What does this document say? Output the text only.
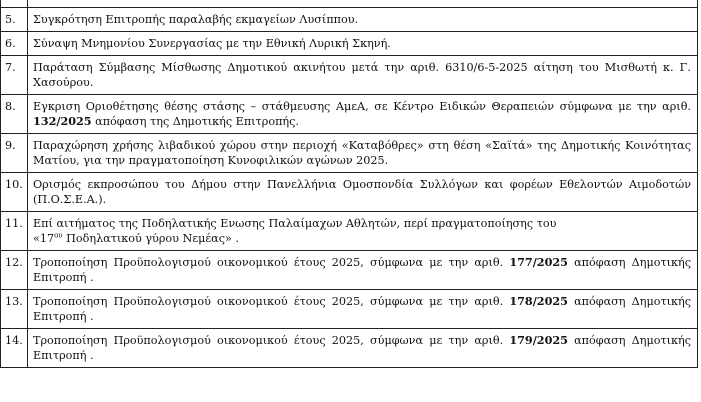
5.	Συγκρότηση Επιτροπής παραλαβής εκμαγείων Λυσίππου.
6.	Σύναψη Μνημονίου Συνεργασίας με την Εθνική Λυρική Σκηνή.
7.	Παράταση Σύμβασης Μίσθωσης Δημοτικού ακινήτου μετά την αριθ. 6310/6-5-2025 αίτηση του Μισθωτή κ. Γ. Χασούρου.
8.	Εγκριση Οριοθέτησης θέσης στάσης – στάθμευσης ΑμεΑ, σε Κέντρο Ειδικών Θεραπειών σύμφωνα με την αριθ. 132/2025 απόφαση της Δημοτικής Επιτροπής.
9.	Παραχώρηση χρήσης λιβαδικού χώρου στην περιοχή «Καταβόθρες» στη θέση «Σαϊτά» της Δημοτικής Κοινότητας Ματίου, για την πραγματοποίηση Κυνοφιλικών αγώνων 2025.
10.	Ορισμός εκπροσώπου του Δήμου στην Πανελλήνια Ομοσπονδία Συλλόγων και φορέων Εθελοντών Αιμοδοτών (Π.Ο.Σ.Ε.Α.).
11.	Επί αιτήματος της Ποδηλατικής Ενωσης Παλαίμαχων Αθλητών, περί πραγματοποίησης του
«$17^{o\upsilon}$ Ποδηλατικού γύρου Νεμέας» .
12.	Τροποποίηση Προϋπολογισμού οικονομικού έτους 2025, σύμφωνα με την αριθ. 177/2025 απόφαση Δημοτικής Επιτροπή .
13.	Τροποποίηση Προϋπολογισμού οικονομικού έτους 2025, σύμφωνα με την αριθ. 178/2025 απόφαση Δημοτικής Επιτροπή .
14.	Τροποποίηση Προϋπολογισμού οικονομικού έτους 2025, σύμφωνα με την αριθ. 179/2025 απόφαση Δημοτικής Επιτροπή .
